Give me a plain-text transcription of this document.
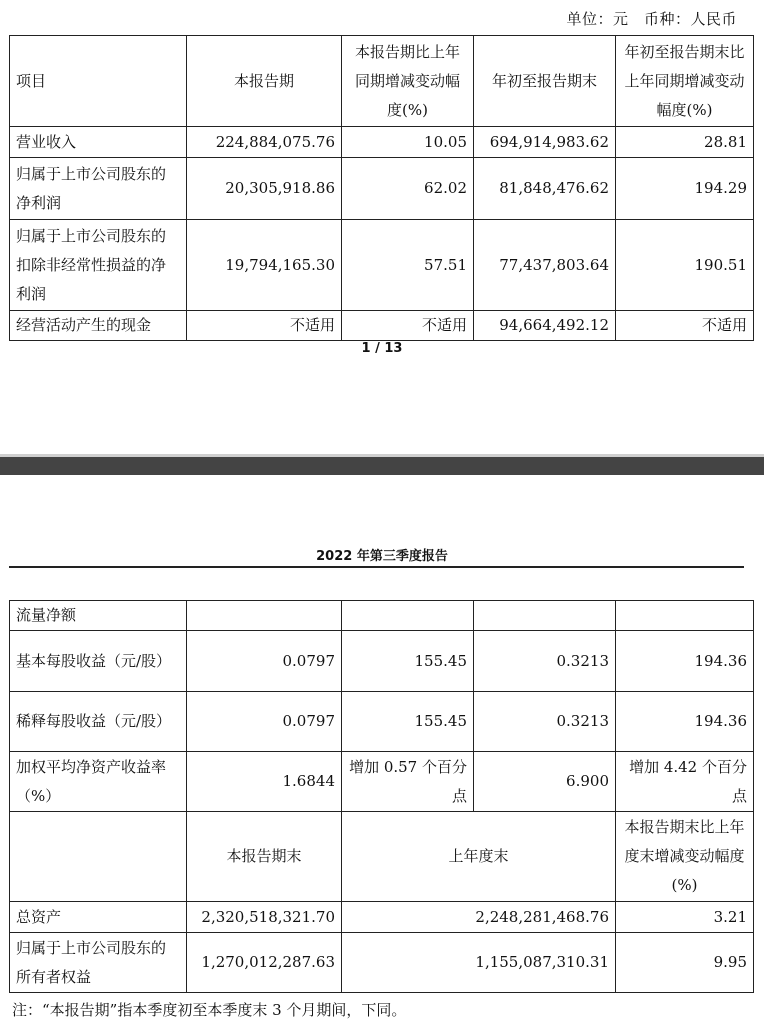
单位：元　币种：人民币
项目	本报告期	本报告期比上年同期增减变动幅度(%)	年初至报告期末	年初至报告期末比上年同期增减变动幅度(%)
营业收入	224,884,075.76	10.05	694,914,983.62	28.81
归属于上市公司股东的净利润	20,305,918.86	62.02	81,848,476.62	194.29
归属于上市公司股东的扣除非经常性损益的净利润	19,794,165.30	57.51	77,437,803.64	190.51
经营活动产生的现金	不适用	不适用	94,664,492.12	不适用
1 / 13
2022 年第三季度报告
流量净额				
基本每股收益（元/股）	0.0797	155.45	0.3213	194.36
稀释每股收益（元/股）	0.0797	155.45	0.3213	194.36
加权平均净资产收益率（%）	1.6844	增加 0.57 个百分点	6.900	增加 4.42 个百分点
	本报告期末	上年度末		本报告期末比上年度末增减变动幅度(%)
总资产	2,320,518,321.70	2,248,281,468.76		3.21
归属于上市公司股东的所有者权益	1,270,012,287.63	1,155,087,310.31		9.95
注：“本报告期”指本季度初至本季度末 3 个月期间，下同。
